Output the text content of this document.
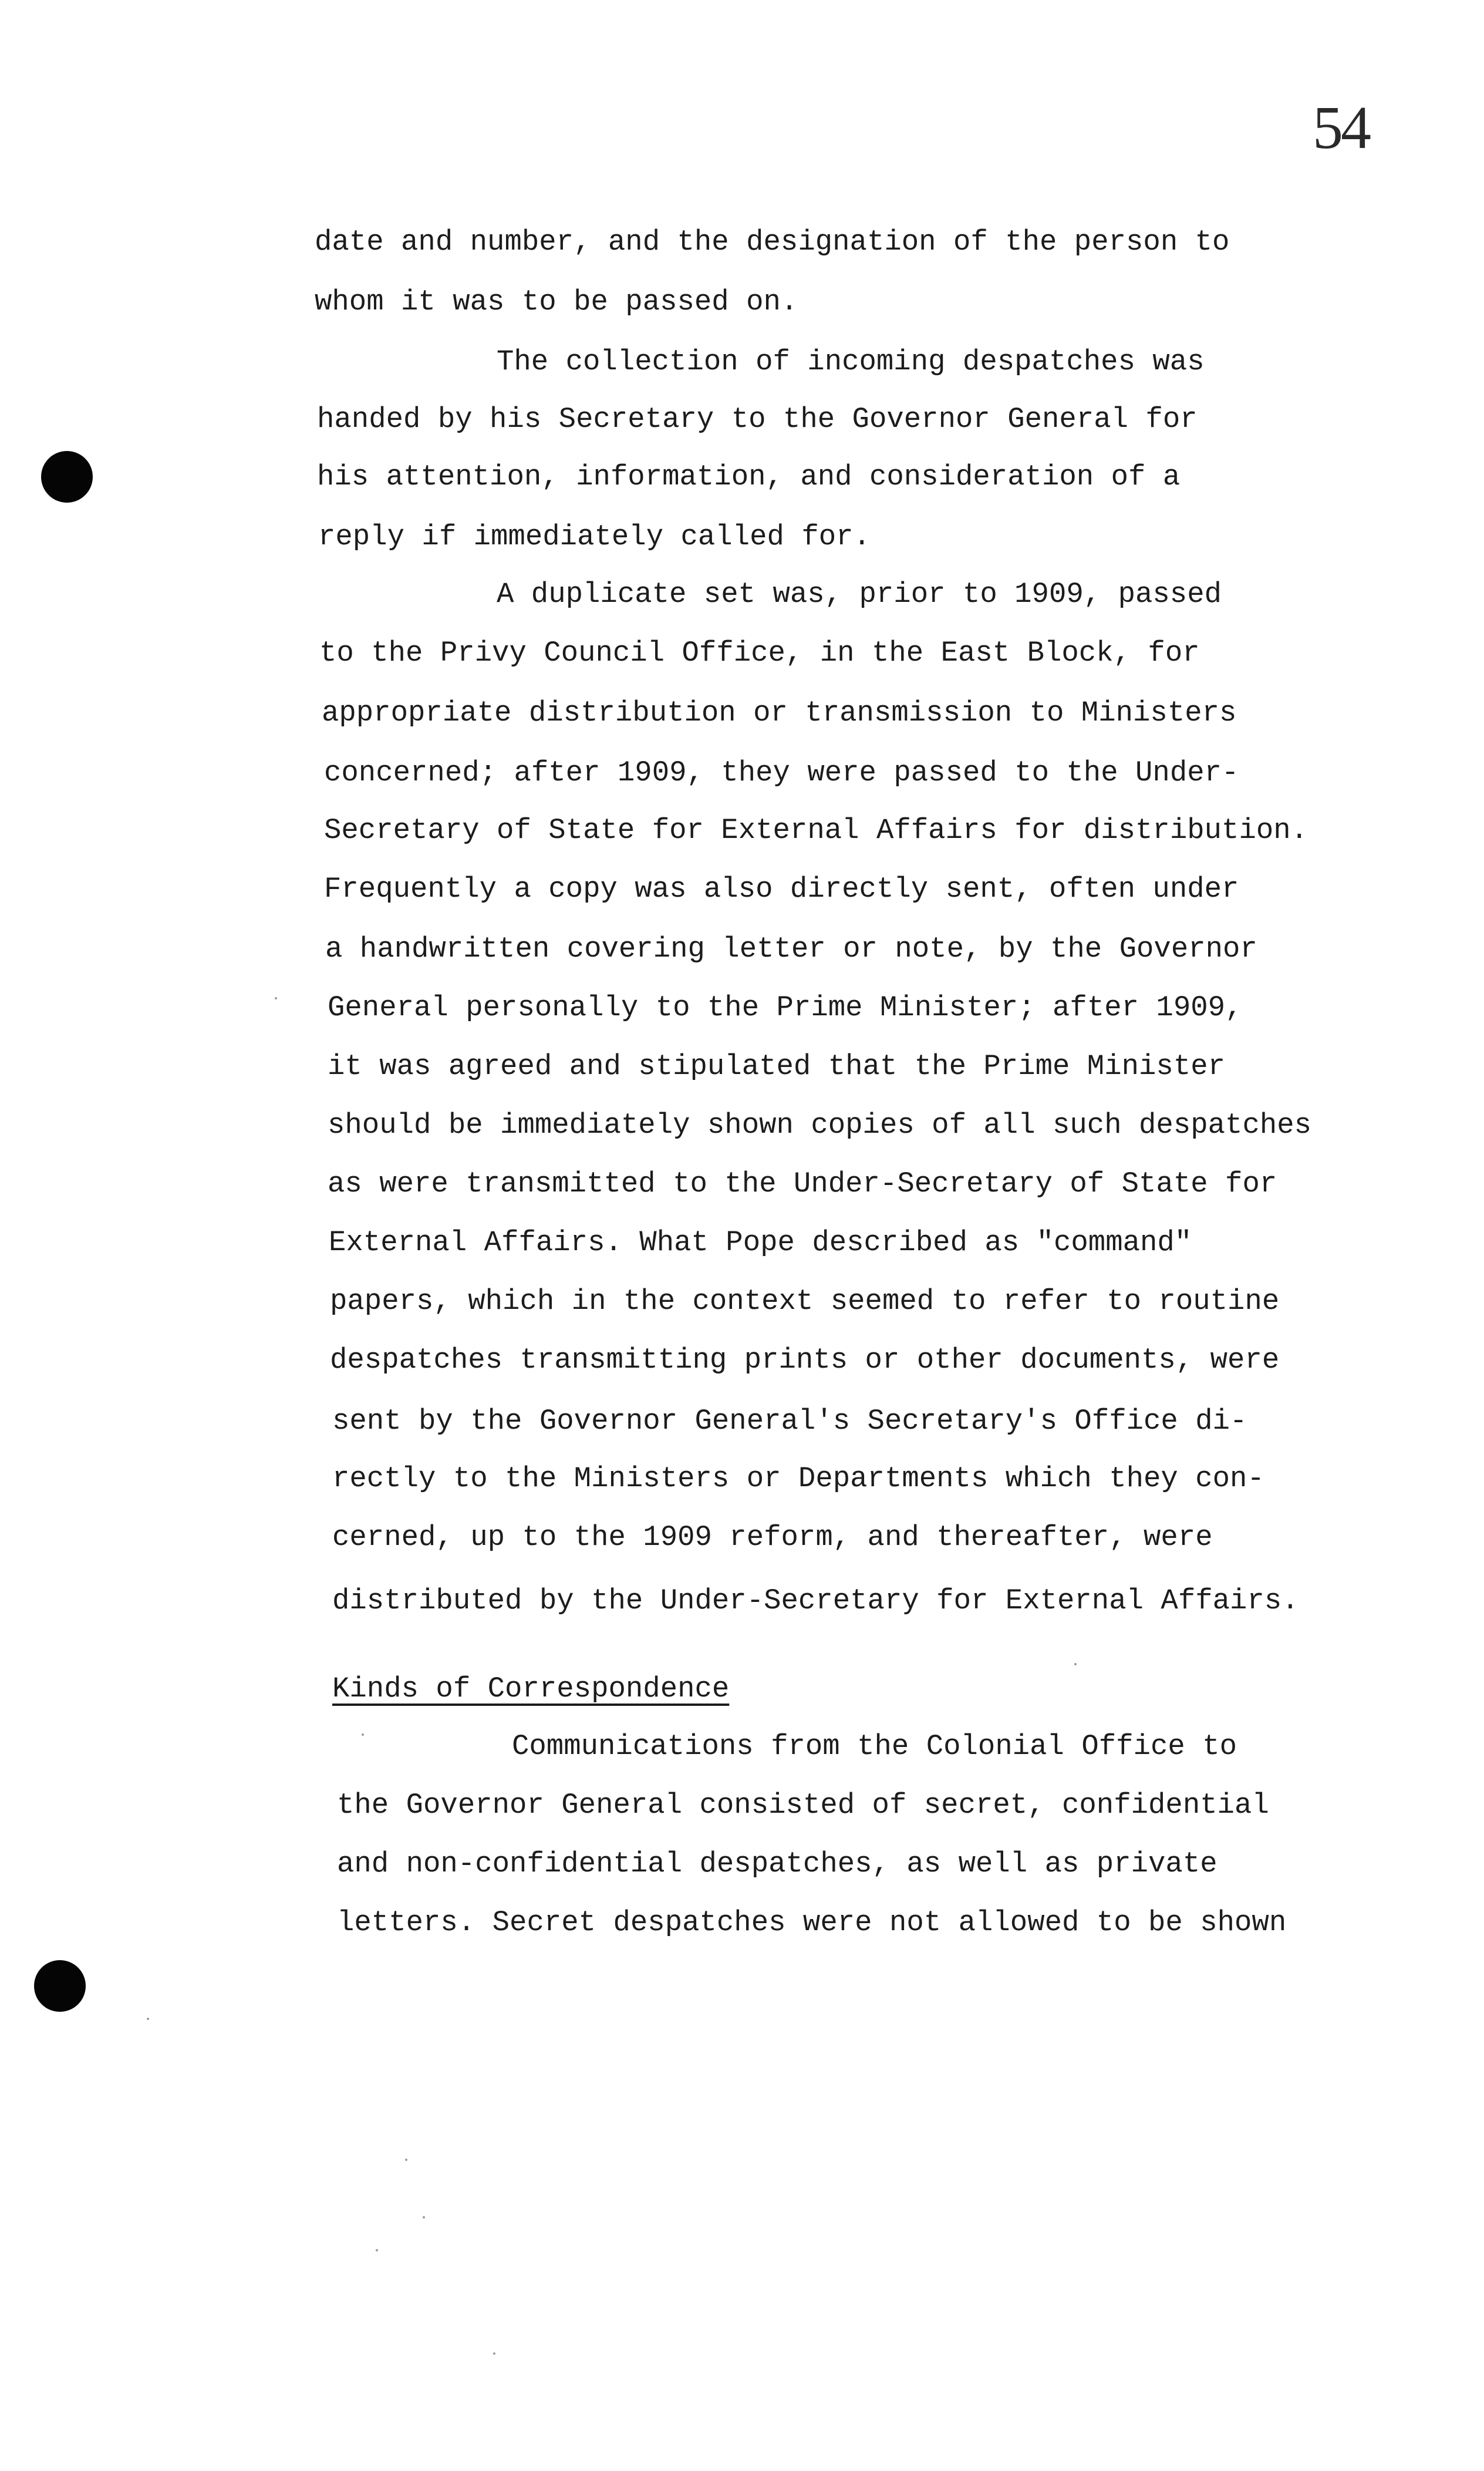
54
date and number, and the designation of the person to
whom it was to be passed on.
The collection of incoming despatches was
handed by his Secretary to the Governor General for
his attention, information, and consideration of a
reply if immediately called for.
A duplicate set was, prior to 1909, passed
to the Privy Council Office, in the East Block, for
appropriate distribution or transmission to Ministers
concerned; after 1909, they were passed to the Under-
Secretary of State for External Affairs for distribution.
Frequently a copy was also directly sent, often under
a handwritten covering letter or note, by the Governor
General personally to the Prime Minister; after 1909,
it was agreed and stipulated that the Prime Minister
should be immediately shown copies of all such despatches
as were transmitted to the Under-Secretary of State for
External Affairs. What Pope described as "command"
papers, which in the context seemed to refer to routine
despatches transmitting prints or other documents, were
sent by the Governor General's Secretary's Office di-
rectly to the Ministers or Departments which they con-
cerned, up to the 1909 reform, and thereafter, were
distributed by the Under-Secretary for External Affairs.
Kinds of Correspondence
Communications from the Colonial Office to
the Governor General consisted of secret, confidential
and non-confidential despatches, as well as private
letters. Secret despatches were not allowed to be shown
